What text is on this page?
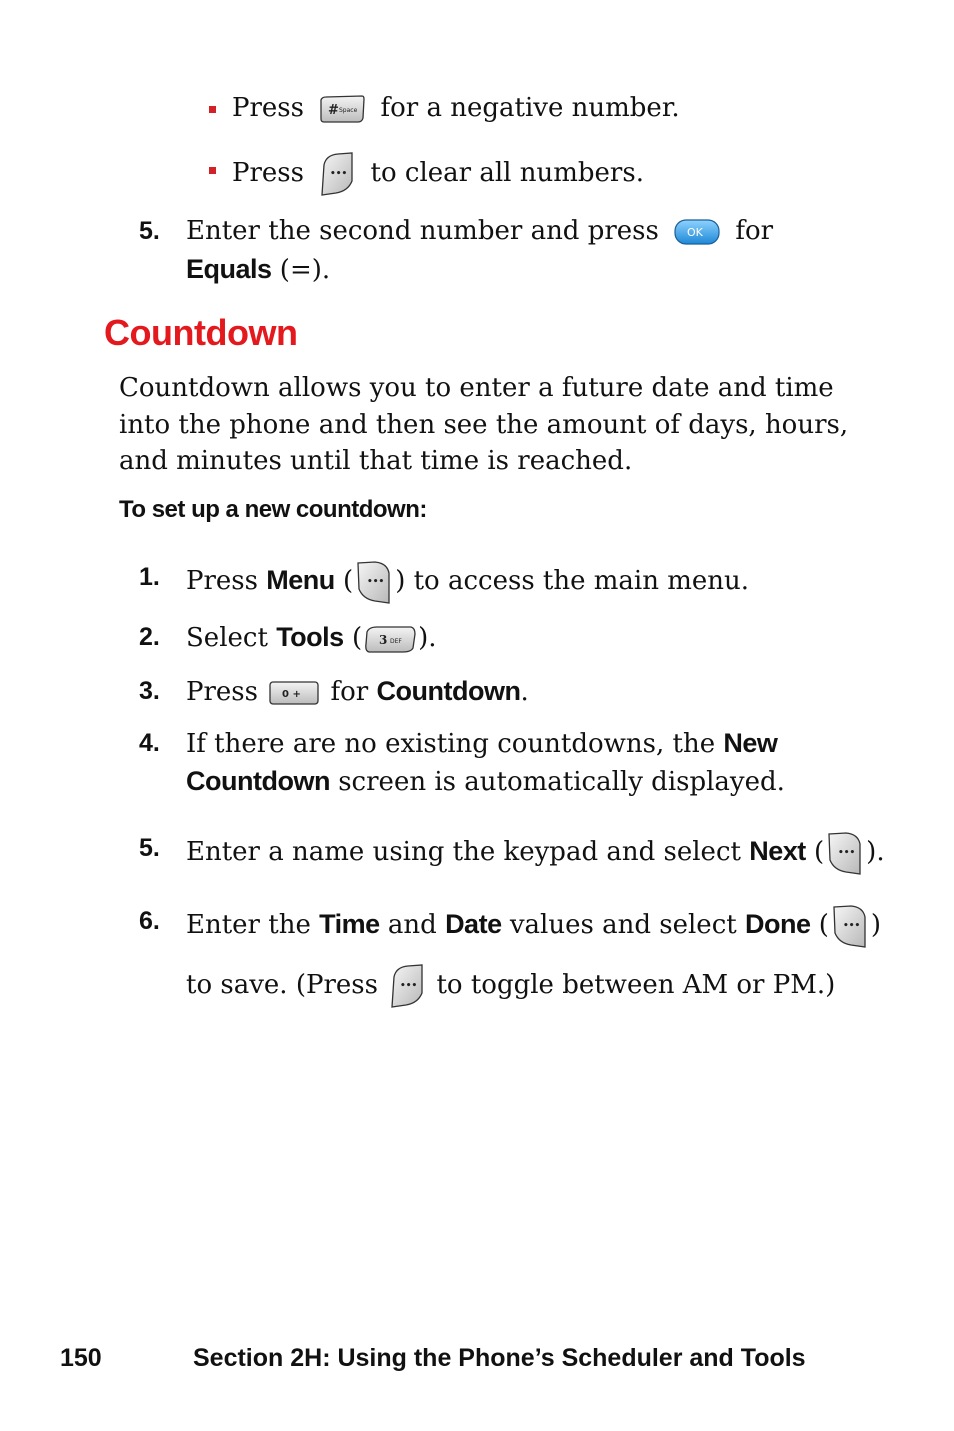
Press # Space for a negative number.
Press	••• to clear all numbers.
5. Enter the second number and press	OK for
Equals (=).
Countdown
Countdown allows you to enter a future date and time into the phone and then see the amount of days, hours, and minutes until that time is reached.
To set up a new countdown:
1. Press Menu ( ••• ) to access the main menu.
2. Select Tools ( 3 DEF ).
3. Press 0 + for Countdown.
4. If there are no existing countdowns, the New
Countdown screen is automatically displayed.
5. Enter a name using the keypad and select Next ( ••• ).
6. Enter the Time and Date values and select Done ( ••• )
to save. (Press ••• to toggle between AM or PM.)
150	Section 2H: Using the Phone’s Scheduler and Tools
